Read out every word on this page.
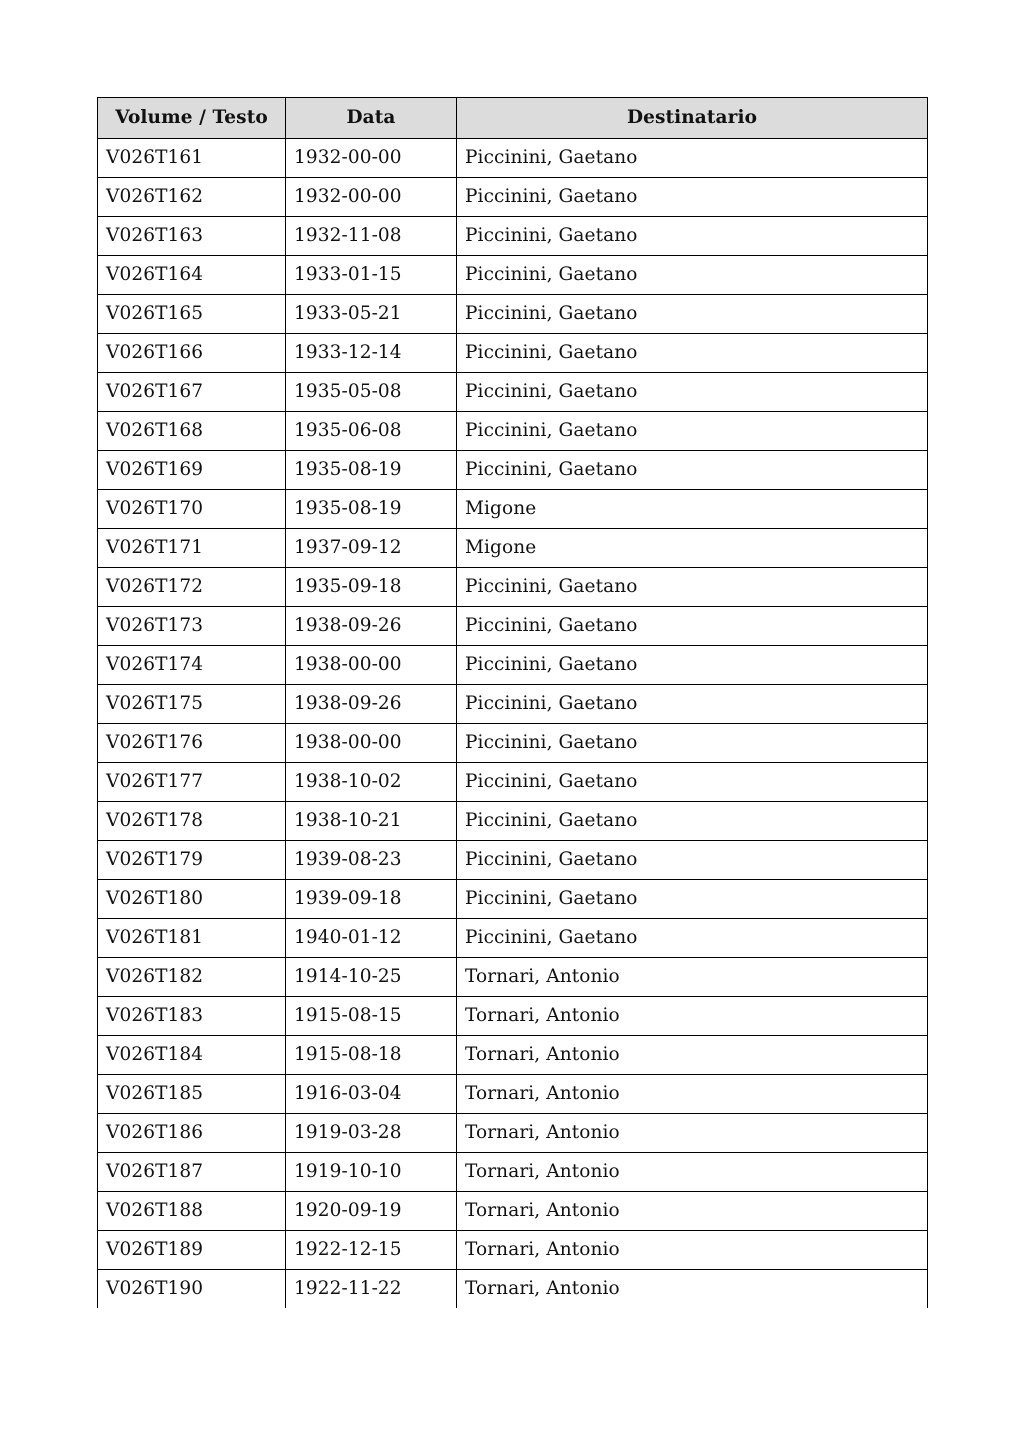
Volume / Testo	Data	Destinatario
V026T161	1932-00-00	Piccinini, Gaetano
V026T162	1932-00-00	Piccinini, Gaetano
V026T163	1932-11-08	Piccinini, Gaetano
V026T164	1933-01-15	Piccinini, Gaetano
V026T165	1933-05-21	Piccinini, Gaetano
V026T166	1933-12-14	Piccinini, Gaetano
V026T167	1935-05-08	Piccinini, Gaetano
V026T168	1935-06-08	Piccinini, Gaetano
V026T169	1935-08-19	Piccinini, Gaetano
V026T170	1935-08-19	Migone
V026T171	1937-09-12	Migone
V026T172	1935-09-18	Piccinini, Gaetano
V026T173	1938-09-26	Piccinini, Gaetano
V026T174	1938-00-00	Piccinini, Gaetano
V026T175	1938-09-26	Piccinini, Gaetano
V026T176	1938-00-00	Piccinini, Gaetano
V026T177	1938-10-02	Piccinini, Gaetano
V026T178	1938-10-21	Piccinini, Gaetano
V026T179	1939-08-23	Piccinini, Gaetano
V026T180	1939-09-18	Piccinini, Gaetano
V026T181	1940-01-12	Piccinini, Gaetano
V026T182	1914-10-25	Tornari, Antonio
V026T183	1915-08-15	Tornari, Antonio
V026T184	1915-08-18	Tornari, Antonio
V026T185	1916-03-04	Tornari, Antonio
V026T186	1919-03-28	Tornari, Antonio
V026T187	1919-10-10	Tornari, Antonio
V026T188	1920-09-19	Tornari, Antonio
V026T189	1922-12-15	Tornari, Antonio
V026T190	1922-11-22	Tornari, Antonio
